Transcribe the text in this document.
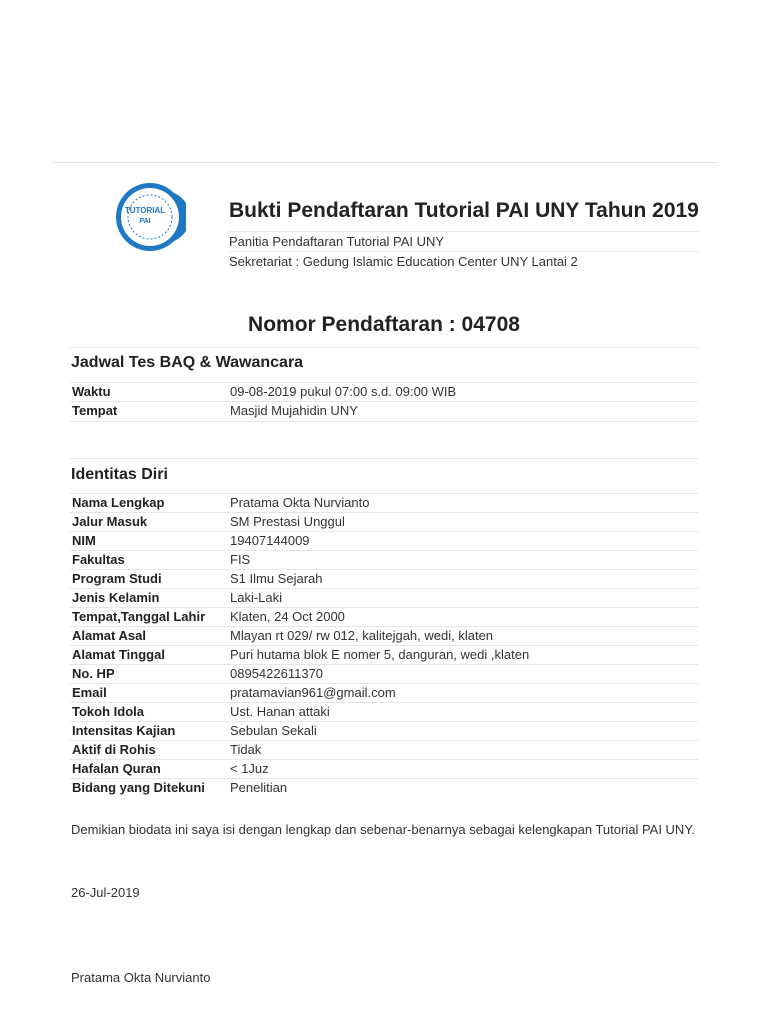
TUTORIAL
PAI	Bukti Pendaftaran Tutorial PAI UNY Tahun 2019
Panitia Pendaftaran Tutorial PAI UNY
Sekretariat : Gedung Islamic Education Center UNY Lantai 2
Nomor Pendaftaran : 04708
Jadwal Tes BAQ & Wawancara
Waktu	09-08-2019 pukul 07:00 s.d. 09:00 WIB
Tempat	Masjid Mujahidin UNY
Identitas Diri
Nama Lengkap	Pratama Okta Nurvianto
Jalur Masuk	SM Prestasi Unggul
NIM	19407144009
Fakultas	FIS
Program Studi	S1 Ilmu Sejarah
Jenis Kelamin	Laki-Laki
Tempat,Tanggal Lahir	Klaten, 24 Oct 2000
Alamat Asal	Mlayan rt 029/ rw 012, kalitejgah, wedi, klaten
Alamat Tinggal	Puri hutama blok E nomer 5, danguran, wedi ,klaten
No. HP	0895422611370
Email	pratamavian961@gmail.com
Tokoh Idola	Ust. Hanan attaki
Intensitas Kajian	Sebulan Sekali
Aktif di Rohis	Tidak
Hafalan Quran	< 1Juz
Bidang yang Ditekuni	Penelitian
Demikian biodata ini saya isi dengan lengkap dan sebenar-benarnya sebagai kelengkapan Tutorial PAI UNY.
26-Jul-2019
Pratama Okta Nurvianto
